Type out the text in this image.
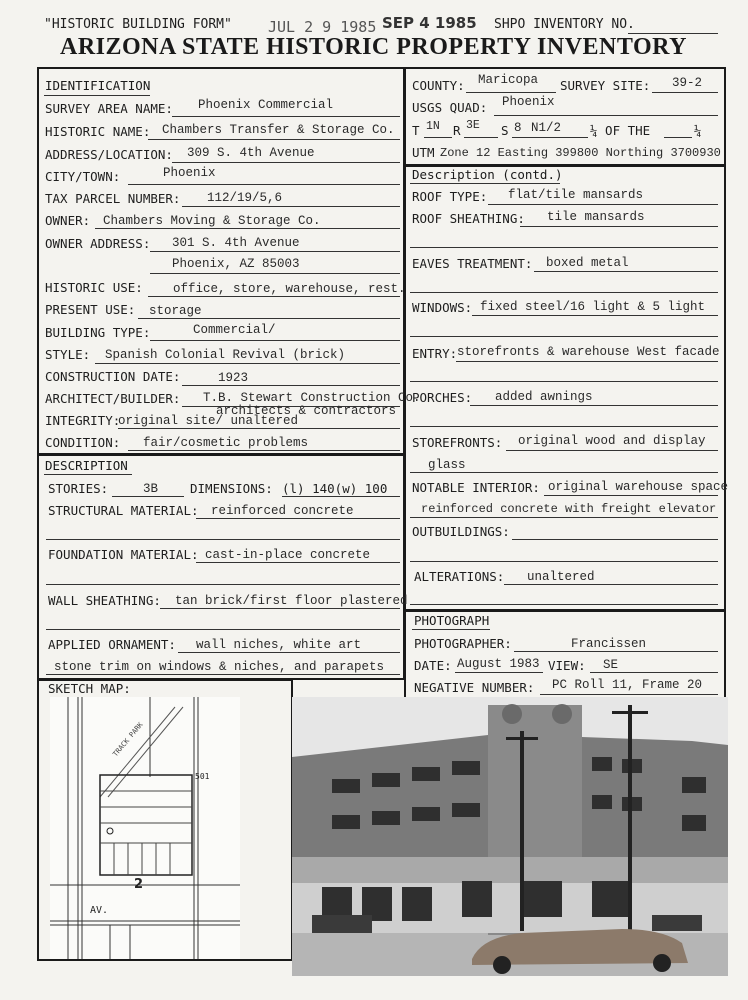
"HISTORIC BUILDING FORM" JUL 2 9 1985 SEP 4 1985 SHPO INVENTORY NO.
ARIZONA STATE HISTORIC PROPERTY INVENTORY
IDENTIFICATION
SURVEY AREA NAME: Phoenix Commercial
HISTORIC NAME: Chambers Transfer & Storage Co.
ADDRESS/LOCATION: 309 S. 4th Avenue
CITY/TOWN:	Phoenix
TAX PARCEL NUMBER: 112/19/5,6
OWNER: Chambers Moving & Storage Co.
OWNER ADDRESS: 301 S. 4th Avenue
Phoenix, AZ 85003
HISTORIC USE: office, store, warehouse, rest.
PRESENT USE: storage
BUILDING TYPE:	Commercial/
STYLE: Spanish Colonial Revival (brick)
CONSTRUCTION DATE:	1923
ARCHITECT/BUILDER: T.B. Stewart Construction Co.
architects & contractors
INTEGRITY:
original site/ unaltered
CONDITION: fair/cosmetic problems
COUNTY: Maricopa SURVEY SITE: 39-2
USGS QUAD: Phoenix
T 1N R 3E S 8 N1/2 ¼ OF THE	¼
UTM Zone 12 Easting 399800 Northing 3700930
Description (contd.)
ROOF TYPE: flat/tile mansards
ROOF SHEATHING: tile mansards
EAVES TREATMENT: boxed metal
WINDOWS: fixed steel/16 light & 5 light
ENTRY: storefronts & warehouse West facade
PORCHES: added awnings
STOREFRONTS: original wood and display
glass
NOTABLE INTERIOR: original warehouse space
reinforced concrete with freight elevator
OUTBUILDINGS:
ALTERATIONS: unaltered
DESCRIPTION
STORIES:	3B	DIMENSIONS: (l) 140(w) 100
STRUCTURAL MATERIAL: reinforced concrete
FOUNDATION MATERIAL: cast-in-place concrete
WALL SHEATHING: tan brick/first floor plastered
APPLIED ORNAMENT: wall niches, white art
stone trim on windows & niches, and parapets
PHOTOGRAPH
PHOTOGRAPHER:	Francissen
DATE: August 1983 VIEW: SE
NEGATIVE NUMBER: PC Roll 11, Frame 20
SKETCH MAP:
AV.
501
2
TRACK PARK
